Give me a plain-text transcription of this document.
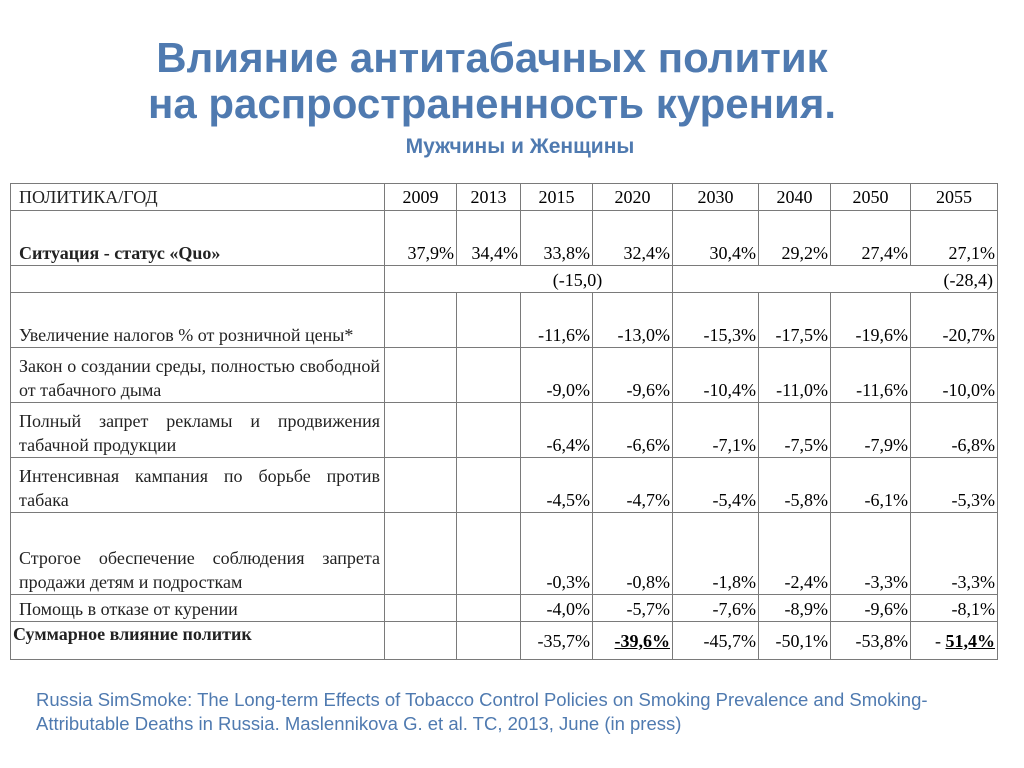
Влияние антитабачных политик
на распространенность курения.
Мужчины и Женщины
ПОЛИТИКА/ГОД	2009	2013	2015	2020	2030	2040	2050	2055
Ситуация - статус «Quo»	37,9%	34,4%	33,8%	32,4%	30,4%	29,2%	27,4%	27,1%
	(-15,0)				(-28,4)			
Увеличение налогов % от розничной цены*			-11,6%	-13,0%	-15,3%	-17,5%	-19,6%	-20,7%
Закон о создании среды, полностью свободной от табачного дыма			-9,0%	-9,6%	-10,4%	-11,0%	-11,6%	-10,0%
Полный запрет рекламы и продвижения табачной продукции			-6,4%	-6,6%	-7,1%	-7,5%	-7,9%	-6,8%
Интенсивная кампания по борьбе против табака			-4,5%	-4,7%	-5,4%	-5,8%	-6,1%	-5,3%
Строгое обеспечение соблюдения запрета продажи детям и подросткам			-0,3%	-0,8%	-1,8%	-2,4%	-3,3%	-3,3%
Помощь в отказе от курении			-4,0%	-5,7%	-7,6%	-8,9%	-9,6%	-8,1%
Суммарное влияние политик			-35,7%	-39,6%	-45,7%	-50,1%	-53,8%	- 51,4%

Russia SimSmoke: The Long-term Effects of Tobacco Control Policies on Smoking Prevalence and Smoking-Attributable Deaths in Russia. Maslennikova G. et al. TC, 2013, June (in press)
